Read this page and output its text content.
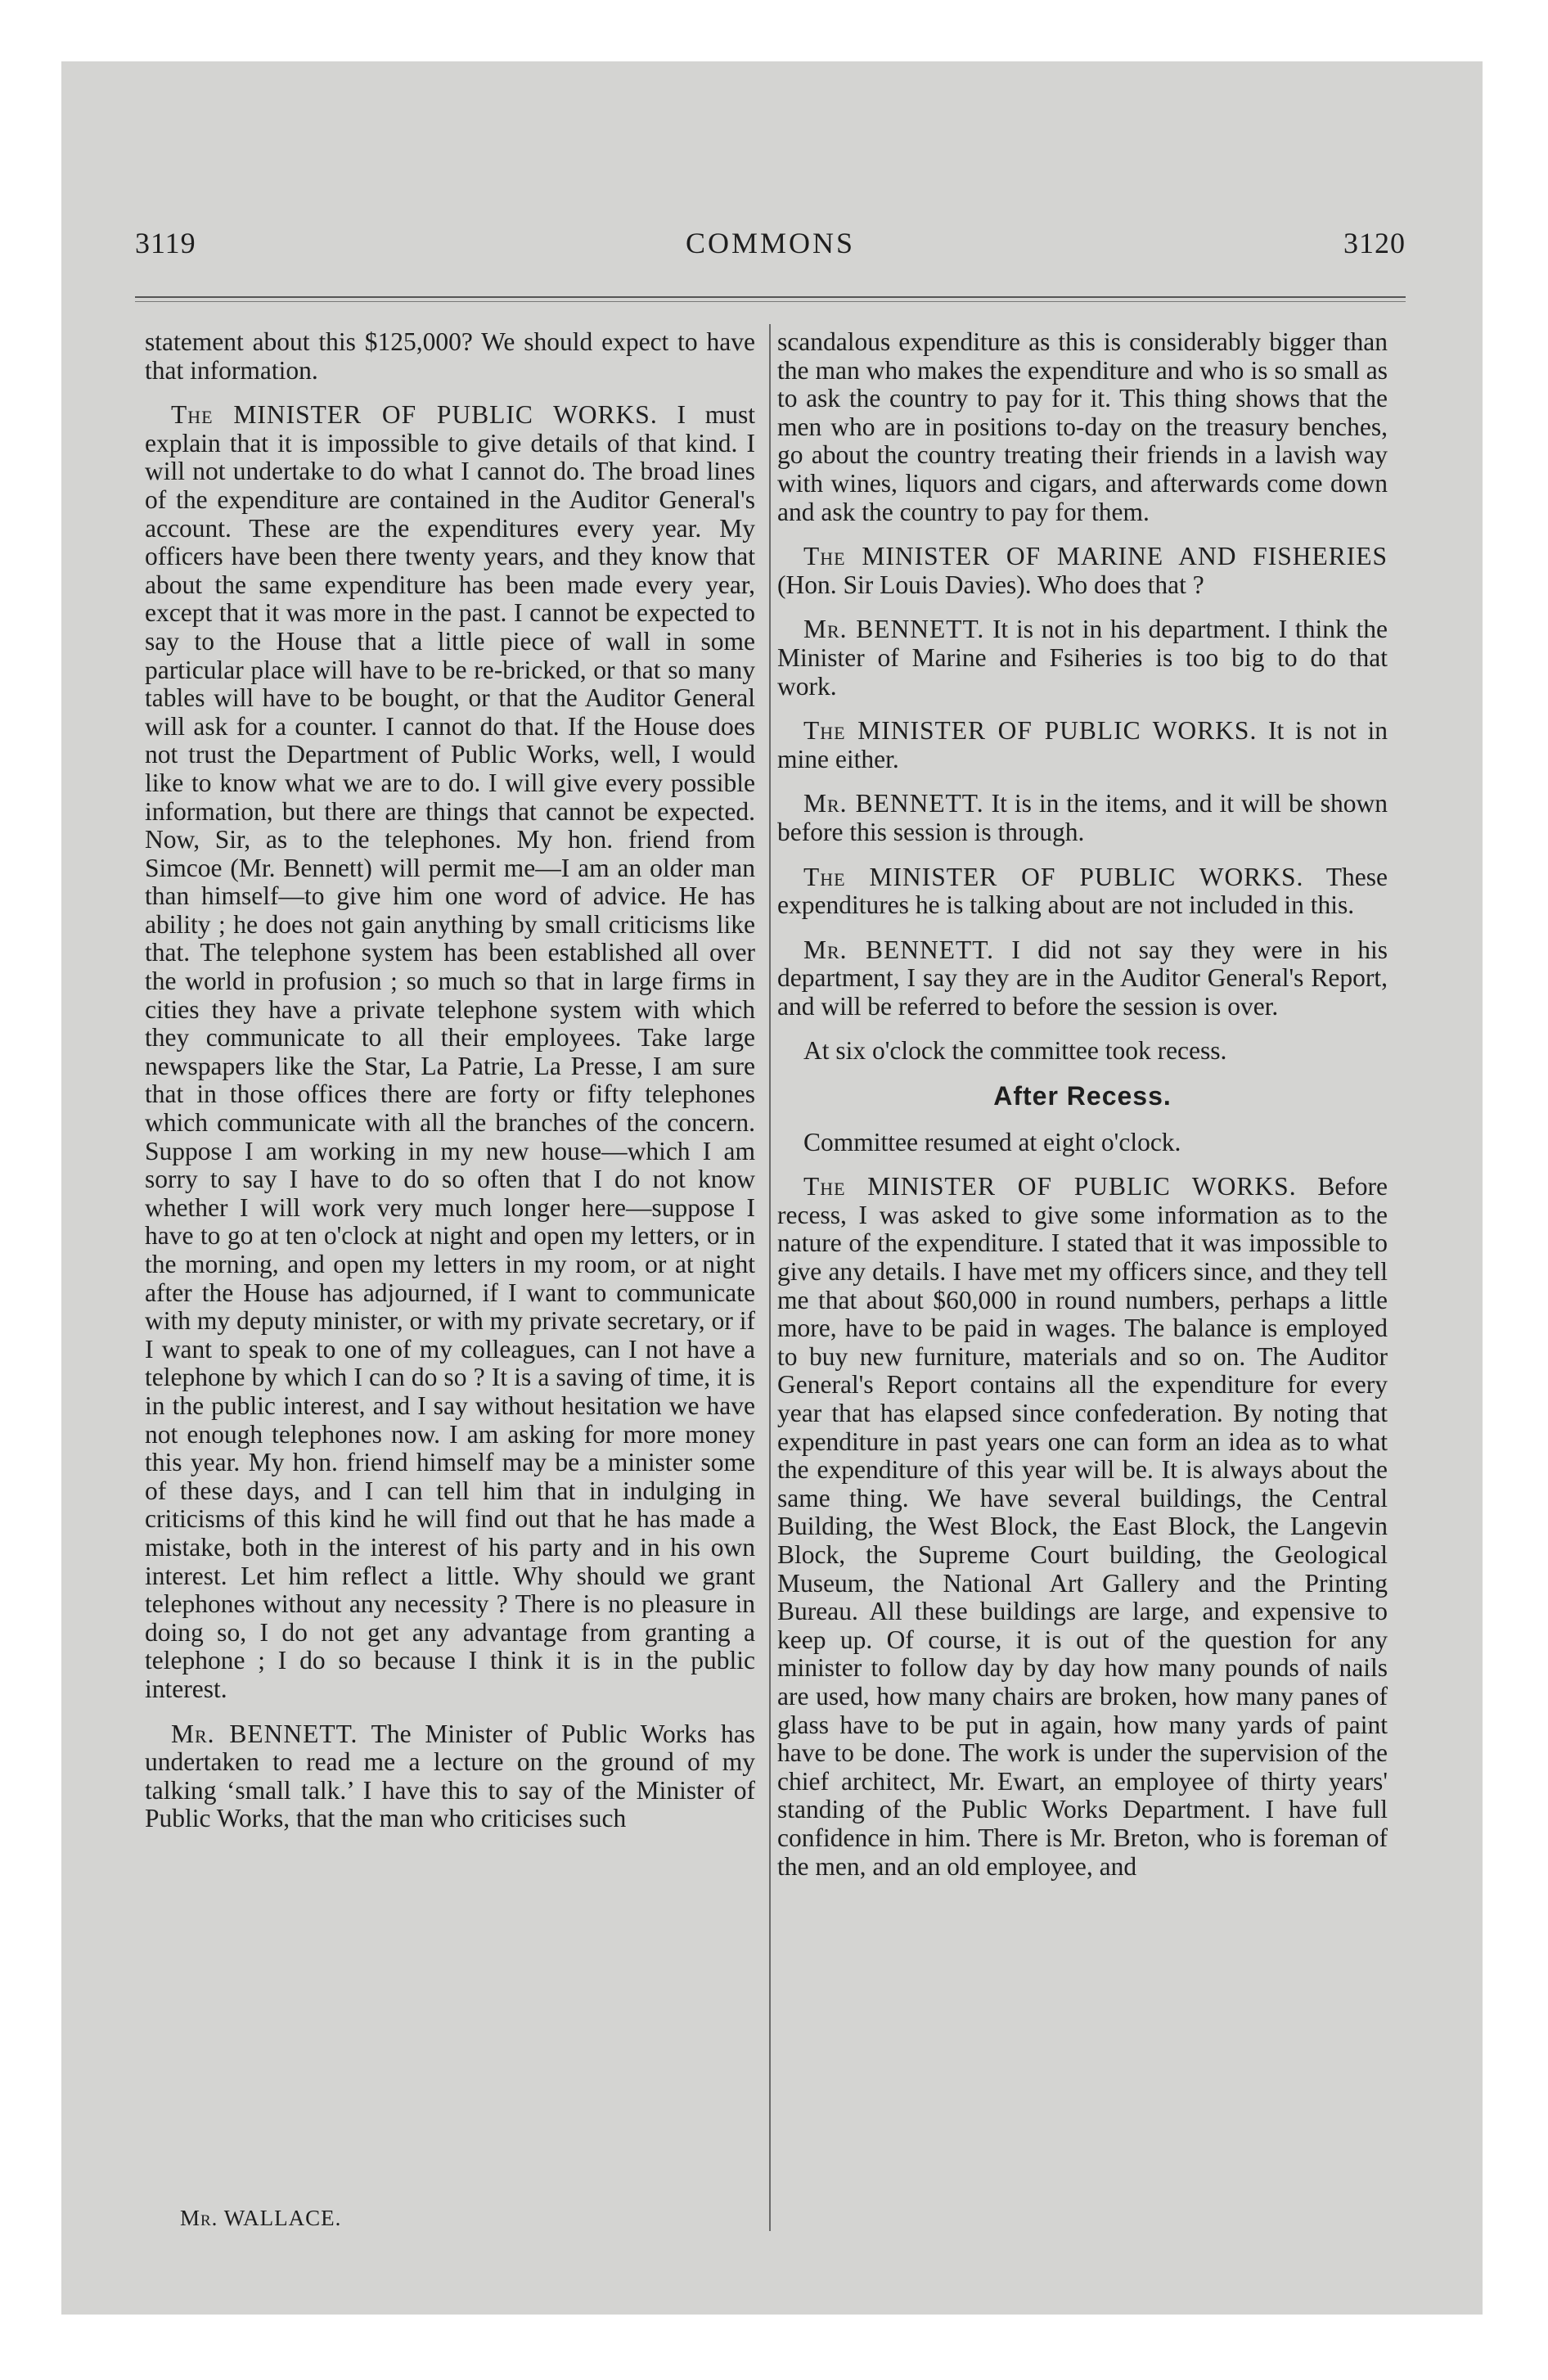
3119	COMMONS	3120

statement about this $125,000? We should expect to have that information.

The MINISTER OF PUBLIC WORKS. I must explain that it is impossible to give details of that kind. I will not undertake to do what I cannot do. The broad lines of the expenditure are contained in the Auditor General's account. These are the expenditures every year. My officers have been there twenty years, and they know that about the same expenditure has been made every year, except that it was more in the past. I cannot be expected to say to the House that a little piece of wall in some particular place will have to be re-bricked, or that so many tables will have to be bought, or that the Auditor General will ask for a counter. I cannot do that. If the House does not trust the Department of Public Works, well, I would like to know what we are to do. I will give every possible information, but there are things that cannot be expected. Now, Sir, as to the telephones. My hon. friend from Simcoe (Mr. Bennett) will permit me—I am an older man than himself—to give him one word of advice. He has ability ; he does not gain anything by small criticisms like that. The telephone system has been established all over the world in profusion ; so much so that in large firms in cities they have a private telephone system with which they communicate to all their employees. Take large newspapers like the Star, La Patrie, La Presse, I am sure that in those offices there are forty or fifty telephones which communicate with all the branches of the concern. Suppose I am working in my new house—which I am sorry to say I have to do so often that I do not know whether I will work very much longer here—suppose I have to go at ten o'clock at night and open my letters, or in the morning, and open my letters in my room, or at night after the House has adjourned, if I want to communicate with my deputy minister, or with my private secretary, or if I want to speak to one of my colleagues, can I not have a telephone by which I can do so ? It is a saving of time, it is in the public interest, and I say without hesitation we have not enough telephones now. I am asking for more money this year. My hon. friend himself may be a minister some of these days, and I can tell him that in indulging in criticisms of this kind he will find out that he has made a mistake, both in the interest of his party and in his own interest. Let him reflect a little. Why should we grant telephones without any necessity ? There is no pleasure in doing so, I do not get any advantage from granting a telephone ; I do so because I think it is in the public interest.

Mr. BENNETT. The Minister of Public Works has undertaken to read me a lecture on the ground of my talking ‘small talk.’ I have this to say of the Minister of Public Works, that the man who criticises such

scandalous expenditure as this is considerably bigger than the man who makes the expenditure and who is so small as to ask the country to pay for it. This thing shows that the men who are in positions to-day on the treasury benches, go about the country treating their friends in a lavish way with wines, liquors and cigars, and afterwards come down and ask the country to pay for them.

The MINISTER OF MARINE AND FISHERIES (Hon. Sir Louis Davies). Who does that ?

Mr. BENNETT. It is not in his department. I think the Minister of Marine and Fsiheries is too big to do that work.

The MINISTER OF PUBLIC WORKS. It is not in mine either.

Mr. BENNETT. It is in the items, and it will be shown before this session is through.

The MINISTER OF PUBLIC WORKS. These expenditures he is talking about are not included in this.

Mr. BENNETT. I did not say they were in his department, I say they are in the Auditor General's Report, and will be referred to before the session is over.

At six o'clock the committee took recess.

After Recess.

Committee resumed at eight o'clock.

The MINISTER OF PUBLIC WORKS. Before recess, I was asked to give some information as to the nature of the expenditure. I stated that it was impossible to give any details. I have met my officers since, and they tell me that about $60,000 in round numbers, perhaps a little more, have to be paid in wages. The balance is employed to buy new furniture, materials and so on. The Auditor General's Report contains all the expenditure for every year that has elapsed since confederation. By noting that expenditure in past years one can form an idea as to what the expenditure of this year will be. It is always about the same thing. We have several buildings, the Central Building, the West Block, the East Block, the Langevin Block, the Supreme Court building, the Geological Museum, the National Art Gallery and the Printing Bureau. All these buildings are large, and expensive to keep up. Of course, it is out of the question for any minister to follow day by day how many pounds of nails are used, how many chairs are broken, how many panes of glass have to be put in again, how many yards of paint have to be done. The work is under the supervision of the chief architect, Mr. Ewart, an employee of thirty years' standing of the Public Works Department. I have full confidence in him. There is Mr. Breton, who is foreman of the men, and an old employee, and

Mr. WALLACE.
